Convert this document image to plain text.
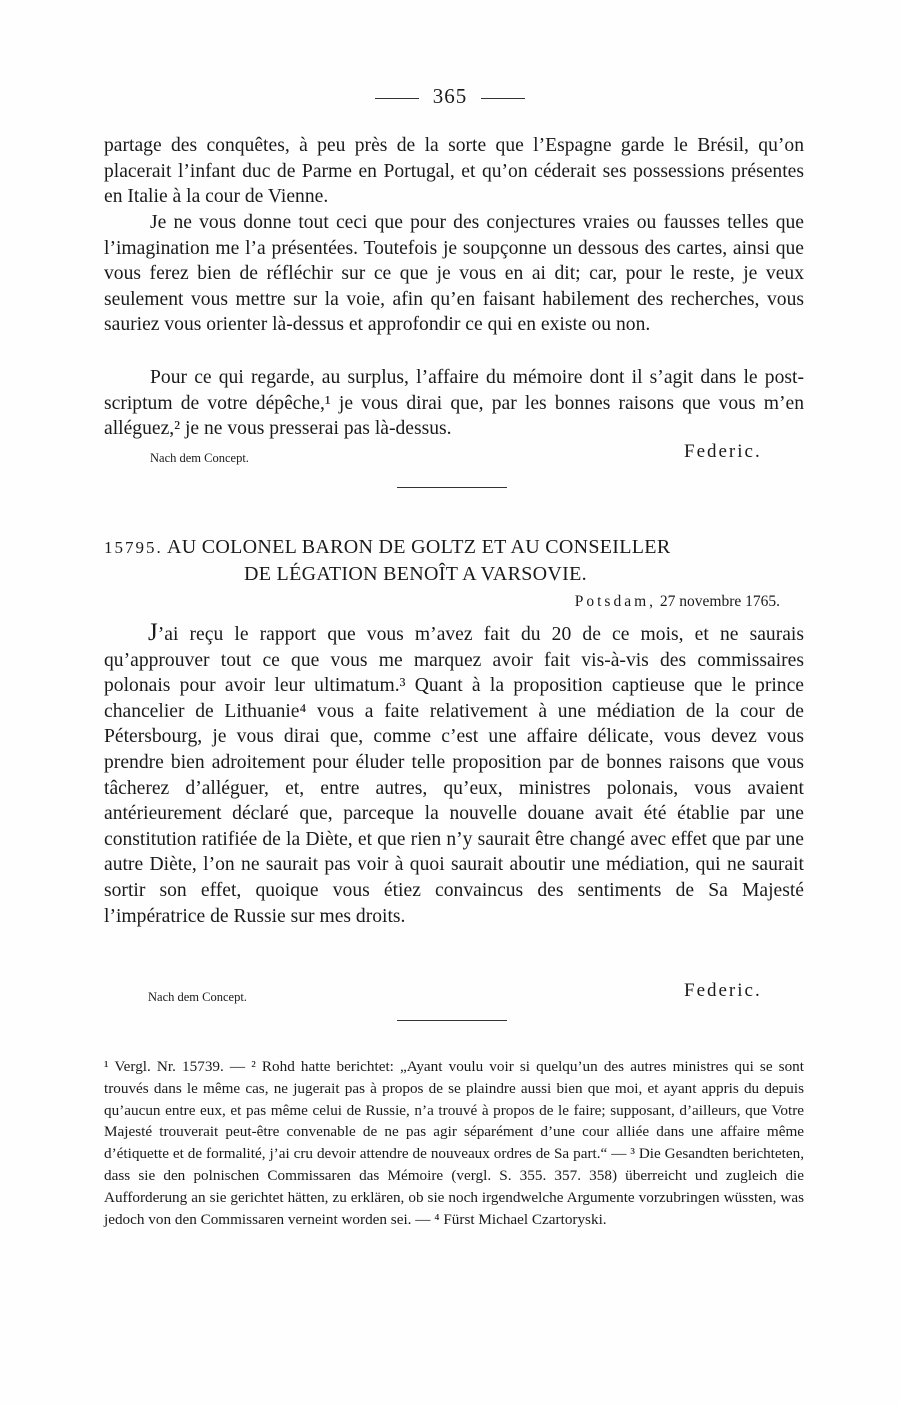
365

partage des conquêtes, à peu près de la sorte que l’Espagne garde le Brésil, qu’on placerait l’infant duc de Parme en Portugal, et qu’on céderait ses possessions présentes en Italie à la cour de Vienne.

Je ne vous donne tout ceci que pour des conjectures vraies ou fausses telles que l’imagination me l’a présentées. Toutefois je soupçonne un dessous des cartes, ainsi que vous ferez bien de réfléchir sur ce que je vous en ai dit; car, pour le reste, je veux seulement vous mettre sur la voie, afin qu’en faisant habilement des recherches, vous sauriez vous orienter là-dessus et approfondir ce qui en existe ou non.

Pour ce qui regarde, au surplus, l’affaire du mémoire dont il s’agit dans le post-scriptum de votre dépêche,¹ je vous dirai que, par les bonnes raisons que vous m’en alléguez,² je ne vous presserai pas là-dessus.

Nach dem Concept.	Federic.
15795. AU COLONEL BARON DE GOLTZ ET AU CONSEILLER
DE LÉGATION BENOÎT A VARSOVIE.
Potsdam, 27 novembre 1765.

J’ai reçu le rapport que vous m’avez fait du 20 de ce mois, et ne saurais qu’approuver tout ce que vous me marquez avoir fait vis-à-vis des commissaires polonais pour avoir leur ultimatum.³ Quant à la proposition captieuse que le prince chancelier de Lithuanie⁴ vous a faite relativement à une médiation de la cour de Pétersbourg, je vous dirai que, comme c’est une affaire délicate, vous devez vous prendre bien adroitement pour éluder telle proposition par de bonnes raisons que vous tâcherez d’alléguer, et, entre autres, qu’eux, ministres polonais, vous avaient antérieurement déclaré que, parceque la nouvelle douane avait été établie par une constitution ratifiée de la Diète, et que rien n’y saurait être changé avec effet que par une autre Diète, l’on ne saurait pas voir à quoi saurait aboutir une médiation, qui ne saurait sortir son effet, quoique vous étiez convaincus des sentiments de Sa Majesté l’impératrice de Russie sur mes droits.

Nach dem Concept.	Federic.

¹ Vergl. Nr. 15739. — ² Rohd hatte berichtet: „Ayant voulu voir si quelqu’un des autres ministres qui se sont trouvés dans le même cas, ne jugerait pas à propos de se plaindre aussi bien que moi, et ayant appris du depuis qu’aucun entre eux, et pas même celui de Russie, n’a trouvé à propos de le faire; supposant, d’ailleurs, que Votre Majesté trouverait peut-être convenable de ne pas agir séparément d’une cour alliée dans une affaire même d’étiquette et de formalité, j’ai cru devoir attendre de nouveaux ordres de Sa part.“ — ³ Die Gesandten berichteten, dass sie den polnischen Commissaren das Mémoire (vergl. S. 355. 357. 358) überreicht und zugleich die Aufforderung an sie gerichtet hätten, zu erklären, ob sie noch irgendwelche Argumente vorzubringen wüssten, was jedoch von den Commissaren verneint worden sei. — ⁴ Fürst Michael Czartoryski.
